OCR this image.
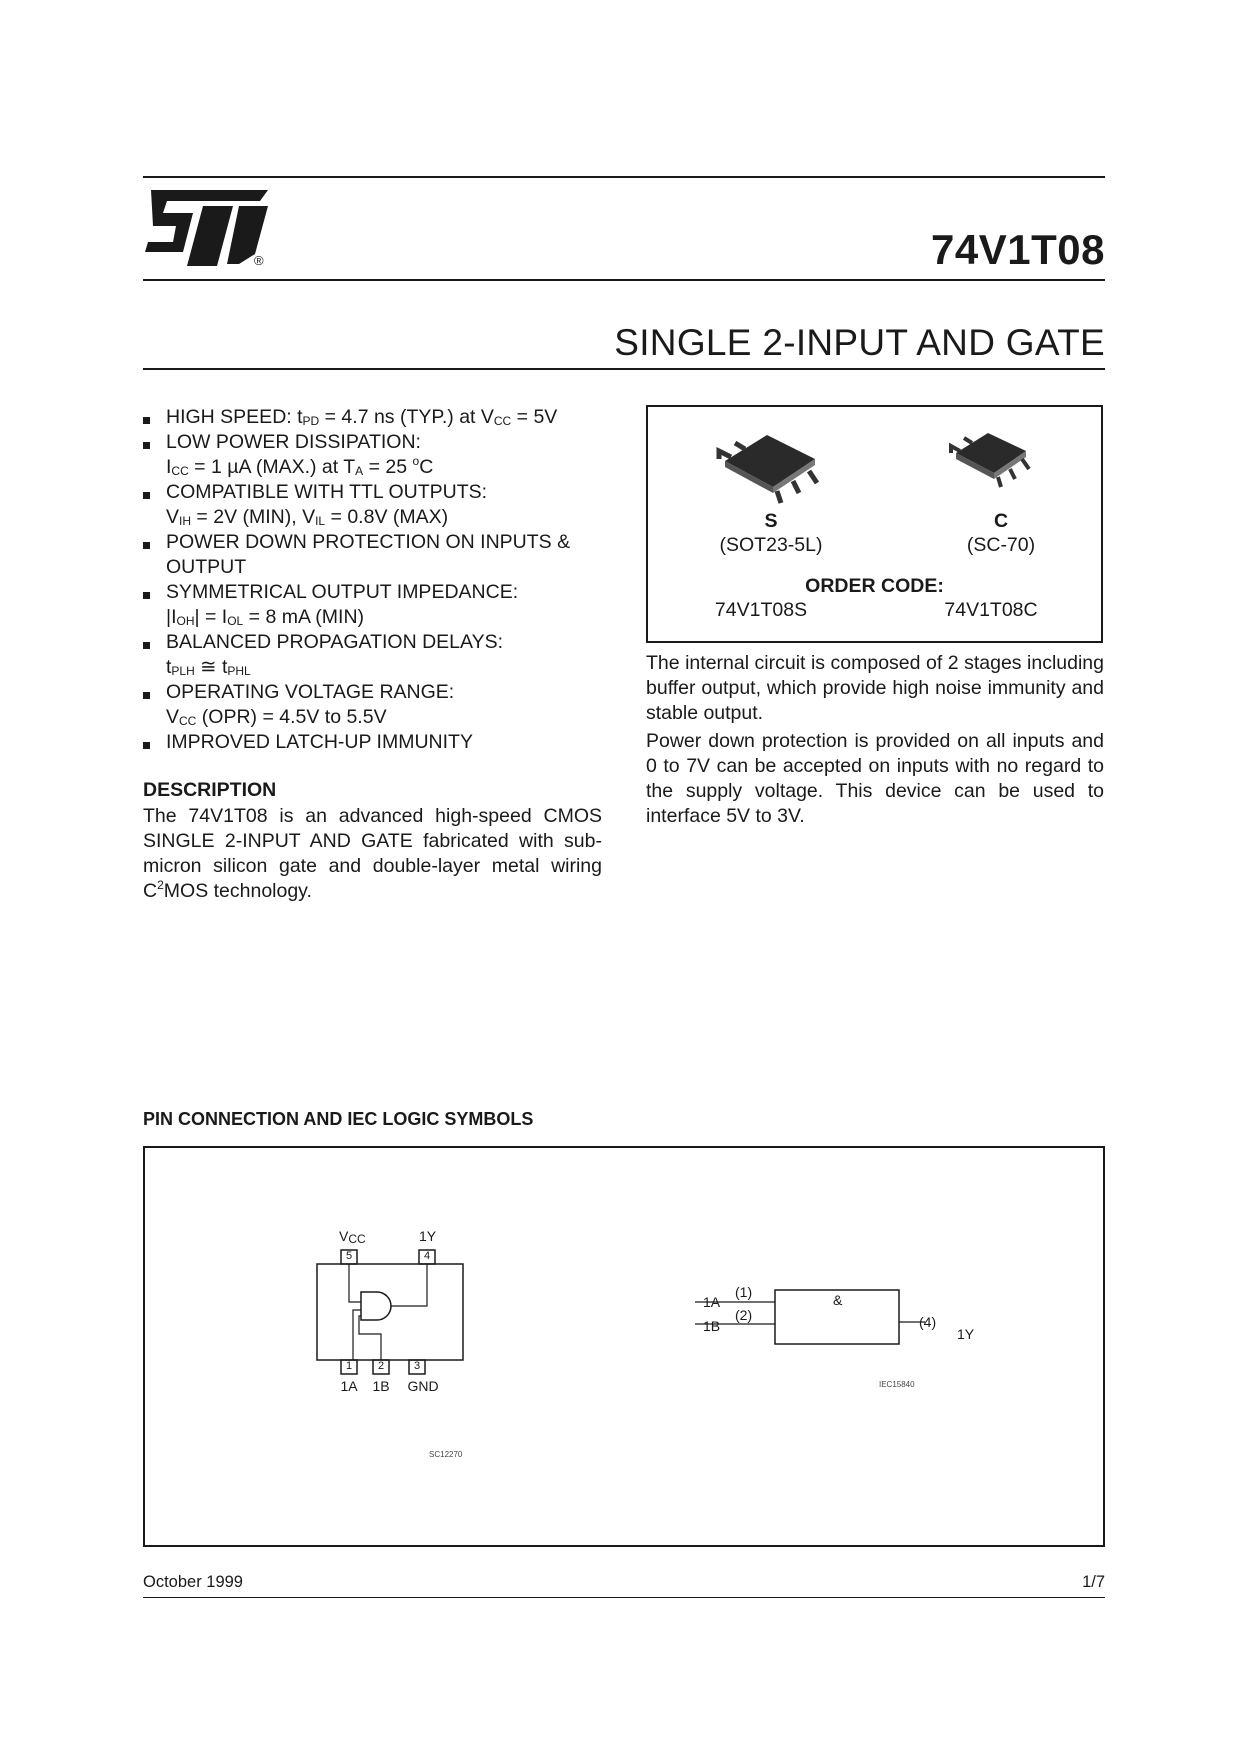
®	74V1T08
SINGLE 2-INPUT AND GATE
HIGH SPEED: $t_{PD} = 4.7$ ns (TYP.) at $V_{CC} = 5V$
LOW POWER DISSIPATION:
$I_{CC} = 1$ µA (MAX.) at $T_A = 25$ $^o$C
COMPATIBLE WITH TTL OUTPUTS:
$V_{IH} = 2V$ (MIN), $V_{IL} = 0.8V$ (MAX)
POWER DOWN PROTECTION ON INPUTS &
OUTPUT
SYMMETRICAL OUTPUT IMPEDANCE:
$|I_{OH}| = I_{OL} = 8$ mA (MIN)
BALANCED PROPAGATION DELAYS:
$t_{PLH}$ ≅ $t_{PHL}$
OPERATING VOLTAGE RANGE:
$V_{CC}$ (OPR) = 4.5V to 5.5V
IMPROVED LATCH-UP IMMUNITY
DESCRIPTION
The 74V1T08 is an advanced high-speed CMOS SINGLE 2-INPUT AND GATE fabricated with sub-micron silicon gate and double-layer metal wiring $C^2MOS$ technology.
S
(SOT23-5L)
C
(SC-70)
ORDER CODE:
74V1T08S	74V1T08C
The internal circuit is composed of 2 stages including buffer output, which provide high noise immunity and stable output.
Power down protection is provided on all inputs and 0 to 7V can be accepted on inputs with no regard to the supply voltage. This device can be used to interface 5V to 3V.
PIN CONNECTION AND IEC LOGIC SYMBOLS
$V_{CC}$	1Y
5	4
1	2	3
1A	1B	GND
SC12270
1A
1B
(1)
(2)
&
(4)
1Y
IEC15840
October 1999	1/7
